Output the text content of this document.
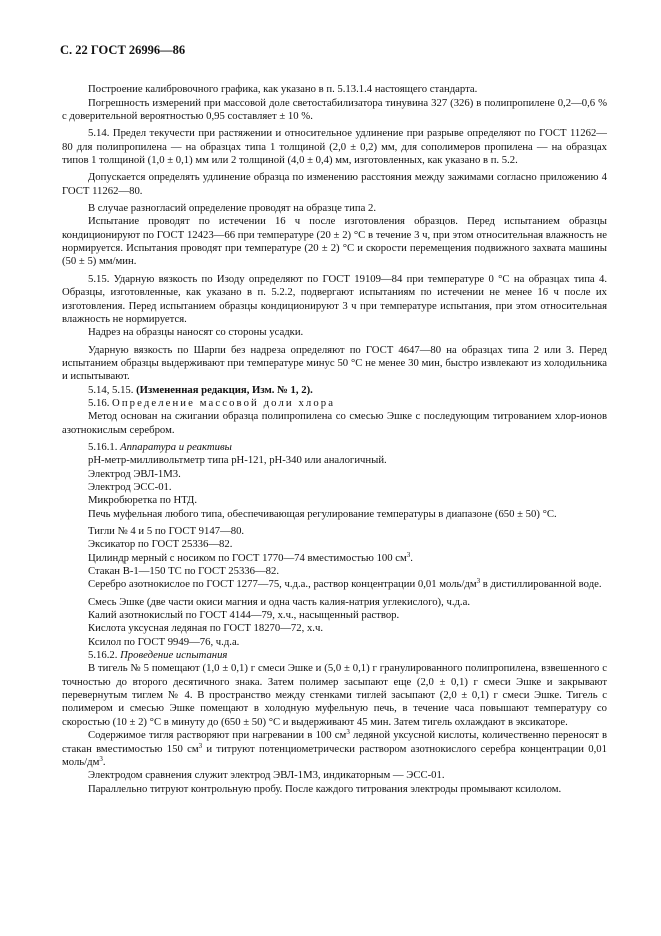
С. 22 ГОСТ 26996—86

Построение калибровочного графика, как указано в п. 5.13.1.4 настоящего стандарта.

Погрешность измерений при массовой доле светостабилизатора тинувина 327 (326) в полипропилене 0,2—0,6 % с доверительной вероятностью 0,95 составляет ± 10 %.

5.14. Предел текучести при растяжении и относительное удлинение при разрыве определяют по ГОСТ 11262—80 для полипропилена — на образцах типа 1 толщиной (2,0 ± 0,2) мм, для сополимеров пропилена — на образцах типов 1 толщиной (1,0 ± 0,1) мм или 2 толщиной (4,0 ± 0,4) мм, изготовленных, как указано в п. 5.2.

Допускается определять удлинение образца по изменению расстояния между зажимами согласно приложению 4 ГОСТ 11262—80.

В случае разногласий определение проводят на образце типа 2.

Испытание проводят по истечении 16 ч после изготовления образцов. Перед испытанием образцы кондиционируют по ГОСТ 12423—66 при температуре (20 ± 2) °С в течение 3 ч, при этом относительная влажность не нормируется. Испытания проводят при температуре (20 ± 2) °С и скорости перемещения подвижного захвата машины (50 ± 5) мм/мин.

5.15. Ударную вязкость по Изоду определяют по ГОСТ 19109—84 при температуре 0 °С на образцах типа 4. Образцы, изготовленные, как указано в п. 5.2.2, подвергают испытаниям по истечении не менее 16 ч после их изготовления. Перед испытанием образцы кондиционируют 3 ч при температуре испытания, при этом относительная влажность не нормируется.

Надрез на образцы наносят со стороны усадки.

Ударную вязкость по Шарпи без надреза определяют по ГОСТ 4647—80 на образцах типа 2 или 3. Перед испытанием образцы выдерживают при температуре минус 50 °С не менее 30 мин, быстро извлекают из холодильника и испытывают.

5.14, 5.15. (Измененная редакция, Изм. № 1, 2).

5.16. Определение массовой доли хлора

Метод основан на сжигании образца полипропилена со смесью Эшке с последующим титрованием хлор-ионов азотнокислым серебром.

5.16.1. Аппаратура и реактивы

рН-метр-милливольтметр типа рН-121, рН-340 или аналогичный.

Электрод ЭВЛ-1М3.

Электрод ЭСС-01.

Микробюретка по НТД.

Печь муфельная любого типа, обеспечивающая регулирование температуры в диапазоне (650 ± 50) °С.

Тигли № 4 и 5 по ГОСТ 9147—80.

Эксикатор по ГОСТ 25336—82.

Цилиндр мерный с носиком по ГОСТ 1770—74 вместимостью 100 $см^3$.

Стакан В-1—150 ТС по ГОСТ 25336—82.

Серебро азотнокислое по ГОСТ 1277—75, ч.д.а., раствор концентрации 0,01 моль/$дм^3$ в дистиллированной воде.

Смесь Эшке (две части окиси магния и одна часть калия-натрия углекислого), ч.д.а.

Калий азотнокислый по ГОСТ 4144—79, х.ч., насыщенный раствор.

Кислота уксусная ледяная по ГОСТ 18270—72, х.ч.

Ксилол по ГОСТ 9949—76, ч.д.а.

5.16.2. Проведение испытания

В тигель № 5 помещают (1,0 ± 0,1) г смеси Эшке и (5,0 ± 0,1) г гранулированного полипропилена, взвешенного с точностью до второго десятичного знака. Затем полимер засыпают еще (2,0 ± 0,1) г смеси Эшке и закрывают перевернутым тиглем № 4. В пространство между стенками тиглей засыпают (2,0 ± 0,1) г смеси Эшке. Тигель с полимером и смесью Эшке помещают в холодную муфельную печь, в течение часа повышают температуру со скоростью (10 ± 2) °С в минуту до (650 ± 50) °С и выдерживают 45 мин. Затем тигель охлаждают в эксикаторе.

Содержимое тигля растворяют при нагревании в 100 $см^3$ ледяной уксусной кислоты, количественно переносят в стакан вместимостью 150 $см^3$ и титруют потенциометрически раствором азотнокислого серебра концентрации 0,01 моль/$дм^3$.

Электродом сравнения служит электрод ЭВЛ-1М3, индикаторным — ЭСС-01.

Параллельно титруют контрольную пробу. После каждого титрования электроды промывают ксилолом.
